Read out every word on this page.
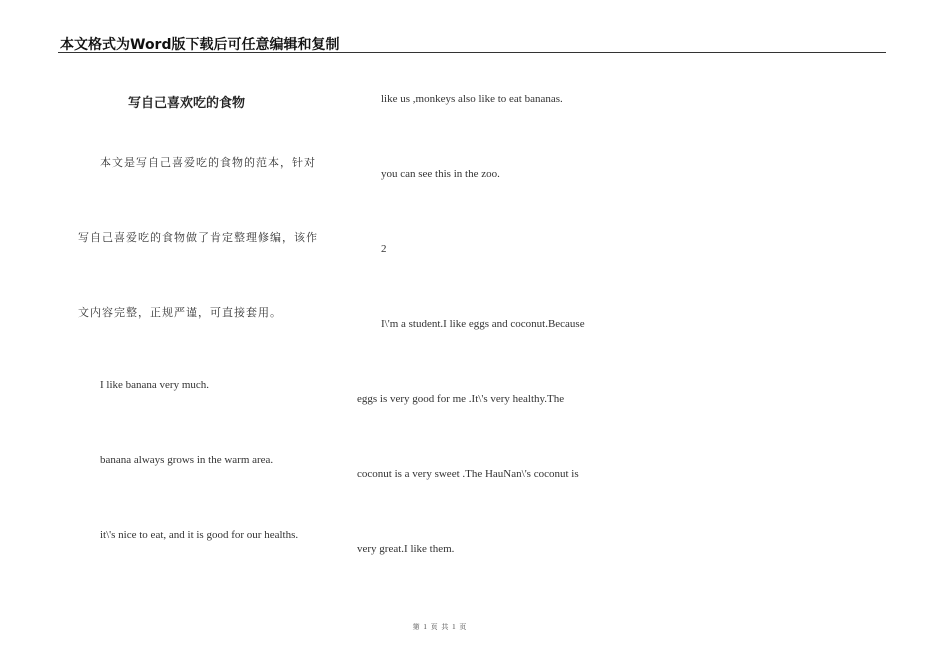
本文格式为Word版下载后可任意编辑和复制
写自己喜欢吃的食物
本文是写自己喜爱吃的食物的范本，针对
写自己喜爱吃的食物做了肯定整理修编，该作
文内容完整，正规严谨，可直接套用。
I like banana very much.
banana always grows in the warm area.
it\'s nice to eat, and it is good for our healths.
like us ,monkeys also like to eat bananas.
you can see this in the zoo.
2
I\'m a student.I like eggs and coconut.Because
eggs is very good for me .It\'s very healthy.The
coconut is a very sweet .The HauNan\'s coconut is
very great.I like them.
第 1 页 共 1 页
